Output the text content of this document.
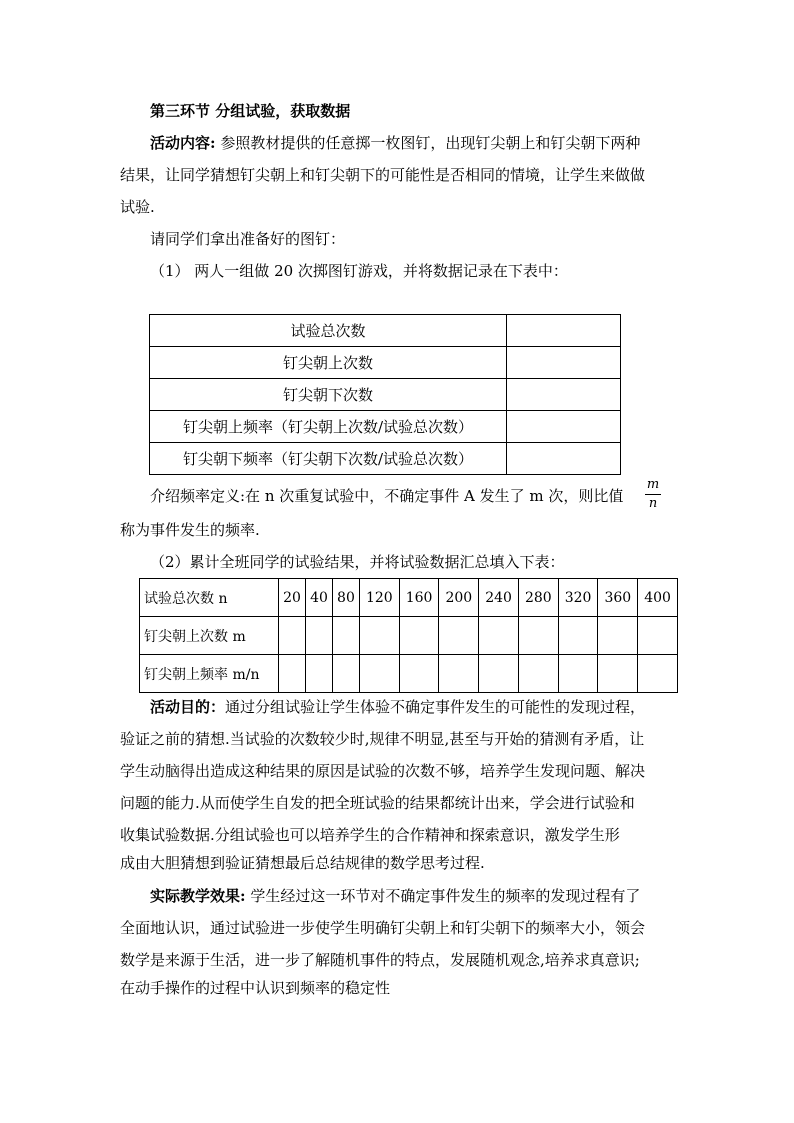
第三环节 分组试验，获取数据
活动内容: 参照教材提供的任意掷一枚图钉，出现钉尖朝上和钉尖朝下两种
结果，让同学猜想钉尖朝上和钉尖朝下的可能性是否相同的情境，让学生来做做
试验.
请同学们拿出准备好的图钉：
（1） 两人一组做 20 次掷图钉游戏，并将数据记录在下表中：
试验总次数	
钉尖朝上次数	
钉尖朝下次数	
钉尖朝上频率（钉尖朝上次数/试验总次数）	
钉尖朝下频率（钉尖朝下次数/试验总次数）	
介绍频率定义:在 n 次重复试验中，不确定事件 A 发生了 m 次，则比值
m
n
称为事件发生的频率.
（2）累计全班同学的试验结果，并将试验数据汇总填入下表：
试验总次数 n	20	40	80	120	160	200	240	280	320	360	400
钉尖朝上次数 m											
钉尖朝上频率 m/n											
活动目的：通过分组试验让学生体验不确定事件发生的可能性的发现过程，
验证之前的猜想.当试验的次数较少时,规律不明显,甚至与开始的猜测有矛盾，让
学生动脑得出造成这种结果的原因是试验的次数不够，培养学生发现问题、解决
问题的能力.从而使学生自发的把全班试验的结果都统计出来，学会进行试验和
收集试验数据.分组试验也可以培养学生的合作精神和探索意识，激发学生形
成由大胆猜想到验证猜想最后总结规律的数学思考过程.
实际教学效果: 学生经过这一环节对不确定事件发生的频率的发现过程有了
全面地认识，通过试验进一步使学生明确钉尖朝上和钉尖朝下的频率大小，领会
数学是来源于生活，进一步了解随机事件的特点，发展随机观念,培养求真意识;
在动手操作的过程中认识到频率的稳定性
